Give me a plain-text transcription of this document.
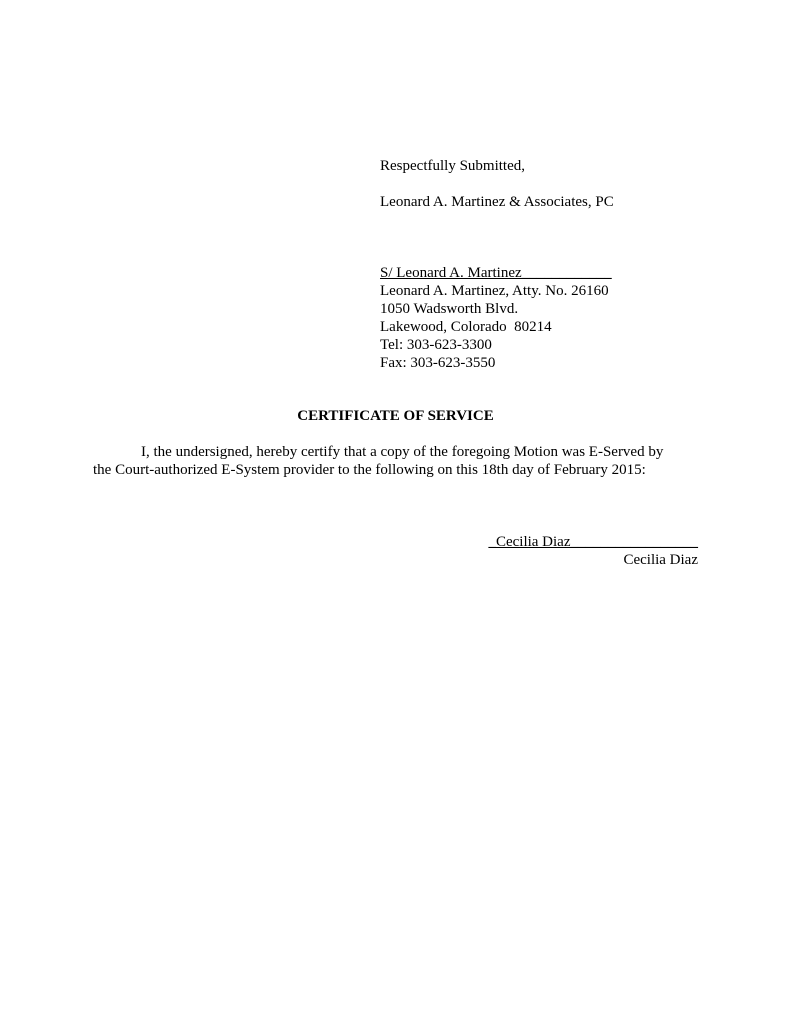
Respectfully Submitted,
Leonard A. Martinez & Associates, PC
S/ Leonard A. Martinez____________
Leonard A. Martinez, Atty. No. 26160
1050 Wadsworth Blvd.
Lakewood, Colorado  80214
Tel: 303-623-3300
Fax: 303-623-3550
CERTIFICATE OF SERVICE
I, the undersigned, hereby certify that a copy of the foregoing Motion was E-Served by
the Court-authorized E-System provider to the following on this 18th day of February 2015:
_Cecilia Diaz_________________
Cecilia Diaz
